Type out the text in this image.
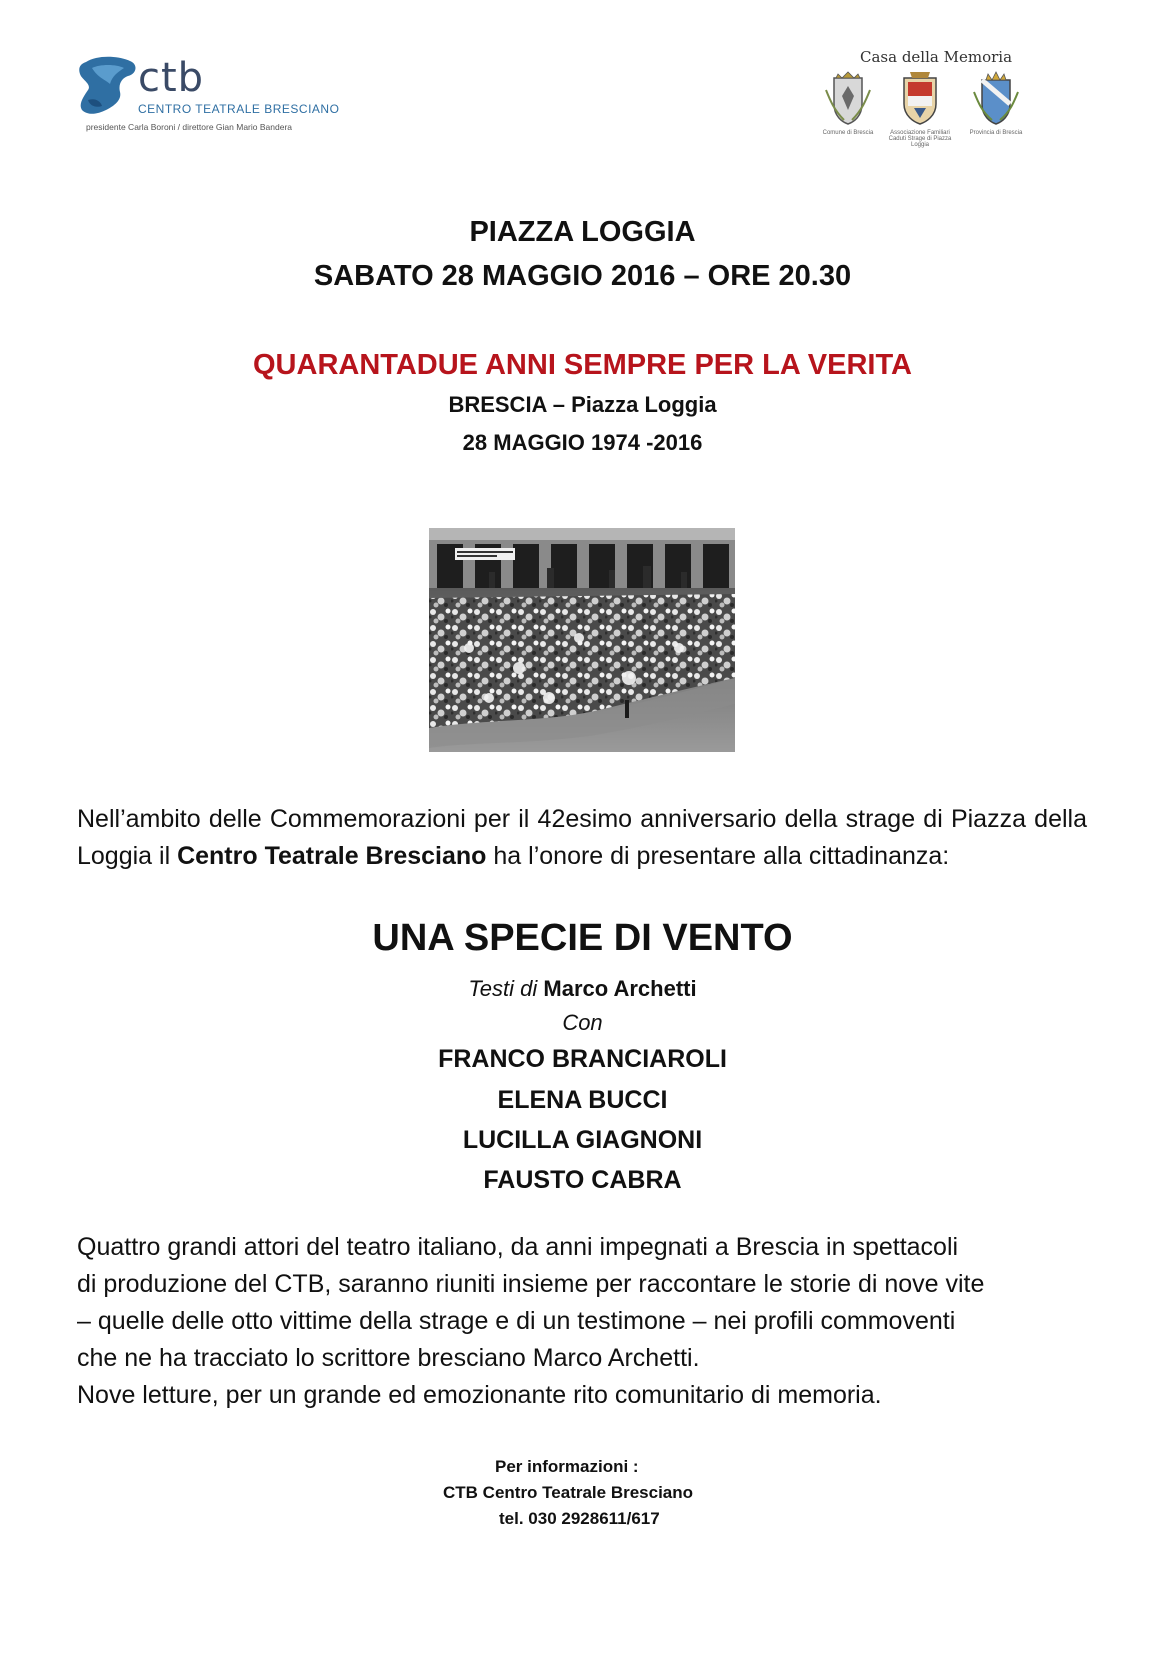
ctb
CENTRO TEATRALE BRESCIANO
presidente Carla Boroni / direttore Gian Mario Bandera
Casa della Memoria
Comune di Brescia	Associazione Familiari Caduti Strage di Piazza Loggia
Provincia di Brescia
PIAZZA LOGGIA
SABATO 28 MAGGIO 2016 – ORE 20.30
QUARANTADUE ANNI SEMPRE PER LA VERITA
BRESCIA – Piazza Loggia
28 MAGGIO 1974 -2016
Nell’ambito delle Commemorazioni per il 42esimo anniversario della strage di Piazza della Loggia il Centro Teatrale Bresciano ha l’onore di presentare alla cittadinanza:
UNA SPECIE DI VENTO
Testi di Marco Archetti
Con
FRANCO BRANCIAROLI
ELENA BUCCI
LUCILLA GIAGNONI
FAUSTO CABRA
Quattro grandi attori del teatro italiano, da anni impegnati a Brescia in spettacoli
di produzione del CTB, saranno riuniti insieme per raccontare le storie di nove vite
– quelle delle otto vittime della strage e di un testimone – nei profili commoventi
che ne ha tracciato lo scrittore bresciano Marco Archetti.
Nove letture, per un grande ed emozionante rito comunitario di memoria.
Per informazioni :
CTB Centro Teatrale Bresciano
tel. 030 2928611/617
